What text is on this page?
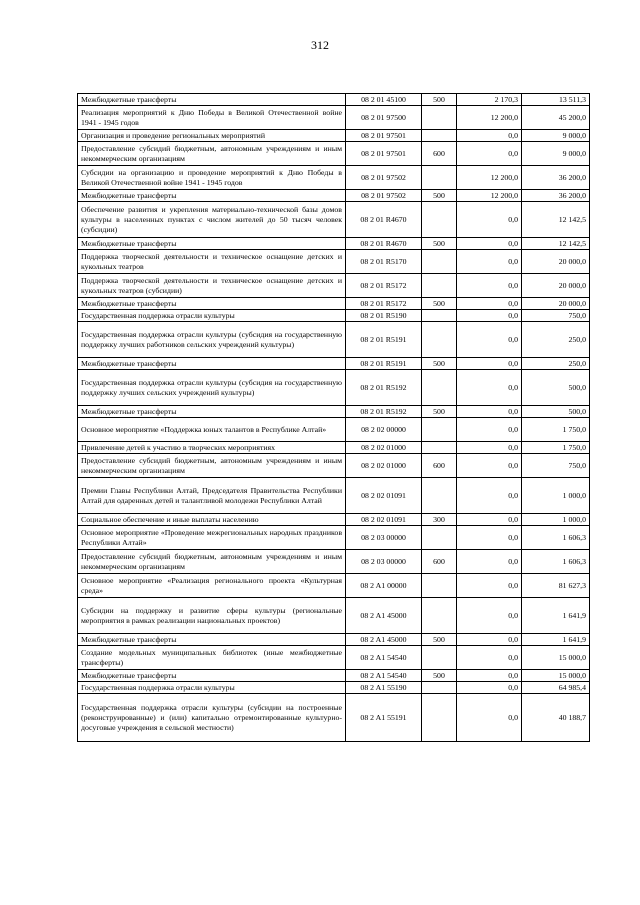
312
Межбюджетные трансферты	08 2 01 45100	500	2 170,3	13 511,3
Реализация мероприятий к Дню Победы в Великой Отечественной войне 1941 - 1945 годов	08 2 01 97500		12 200,0	45 200,0
Организация и проведение региональных мероприятий	08 2 01 97501		0,0	9 000,0
Предоставление субсидий бюджетным, автономным учреждениям и иным некоммерческим организациям	08 2 01 97501	600	0,0	9 000,0
Субсидии на организацию и проведение мероприятий к Дню Победы в Великой Отечественной войне 1941 - 1945 годов	08 2 01 97502		12 200,0	36 200,0
Межбюджетные трансферты	08 2 01 97502	500	12 200,0	36 200,0
Обеспечение развития и укрепления материально-технической базы домов культуры в населенных пунктах с числом жителей до 50 тысяч человек (субсидии)	08 2 01 R4670		0,0	12 142,5
Межбюджетные трансферты	08 2 01 R4670	500	0,0	12 142,5
Поддержка творческой деятельности и техническое оснащение детских и кукольных театров	08 2 01 R5170		0,0	20 000,0
Поддержка творческой деятельности и техническое оснащение детских и кукольных театров (субсидии)	08 2 01 R5172		0,0	20 000,0
Межбюджетные трансферты	08 2 01 R5172	500	0,0	20 000,0
Государственная поддержка отрасли культуры	08 2 01 R5190		0,0	750,0
Государственная поддержка отрасли культуры (субсидия на государственную поддержку лучших работников сельских учреждений культуры)	08 2 01 R5191		0,0	250,0
Межбюджетные трансферты	08 2 01 R5191	500	0,0	250,0
Государственная поддержка отрасли культуры (субсидия на государственную поддержку лучших сельских учреждений культуры)	08 2 01 R5192		0,0	500,0
Межбюджетные трансферты	08 2 01 R5192	500	0,0	500,0
Основное мероприятие «Поддержка юных талантов в Республике Алтай»	08 2 02 00000		0,0	1 750,0
Привлечение детей к участию в творческих мероприятиях	08 2 02 01000		0,0	1 750,0
Предоставление субсидий бюджетным, автономным учреждениям и иным некоммерческим организациям	08 2 02 01000	600	0,0	750,0
Премии Главы Республики Алтай, Председателя Правительства Республики Алтай для одаренных детей и талантливой молодежи Республики Алтай	08 2 02 01091		0,0	1 000,0
Социальное обеспечение и иные выплаты населению	08 2 02 01091	300	0,0	1 000,0
Основное мероприятие «Проведение межрегиональных народных праздников Республики Алтай»	08 2 03 00000		0,0	1 606,3
Предоставление субсидий бюджетным, автономным учреждениям и иным некоммерческим организациям	08 2 03 00000	600	0,0	1 606,3
Основное мероприятие «Реализация регионального проекта «Культурная среда»	08 2 A1 00000		0,0	81 627,3
Субсидии на поддержку и развитие сферы культуры (региональные мероприятия в рамках реализации национальных проектов)	08 2 A1 45000		0,0	1 641,9
Межбюджетные трансферты	08 2 A1 45000	500	0,0	1 641,9
Создание модельных муниципальных библиотек (иные межбюджетные трансферты)	08 2 A1 54540		0,0	15 000,0
Межбюджетные трансферты	08 2 A1 54540	500	0,0	15 000,0
Государственная поддержка отрасли культуры	08 2 A1 55190		0,0	64 985,4
Государственная поддержка отрасли культуры (субсидии на построенные (реконструированные) и (или) капитально отремонтированные культурно-досуговые учреждения в сельской местности)	08 2 A1 55191		0,0	40 188,7
